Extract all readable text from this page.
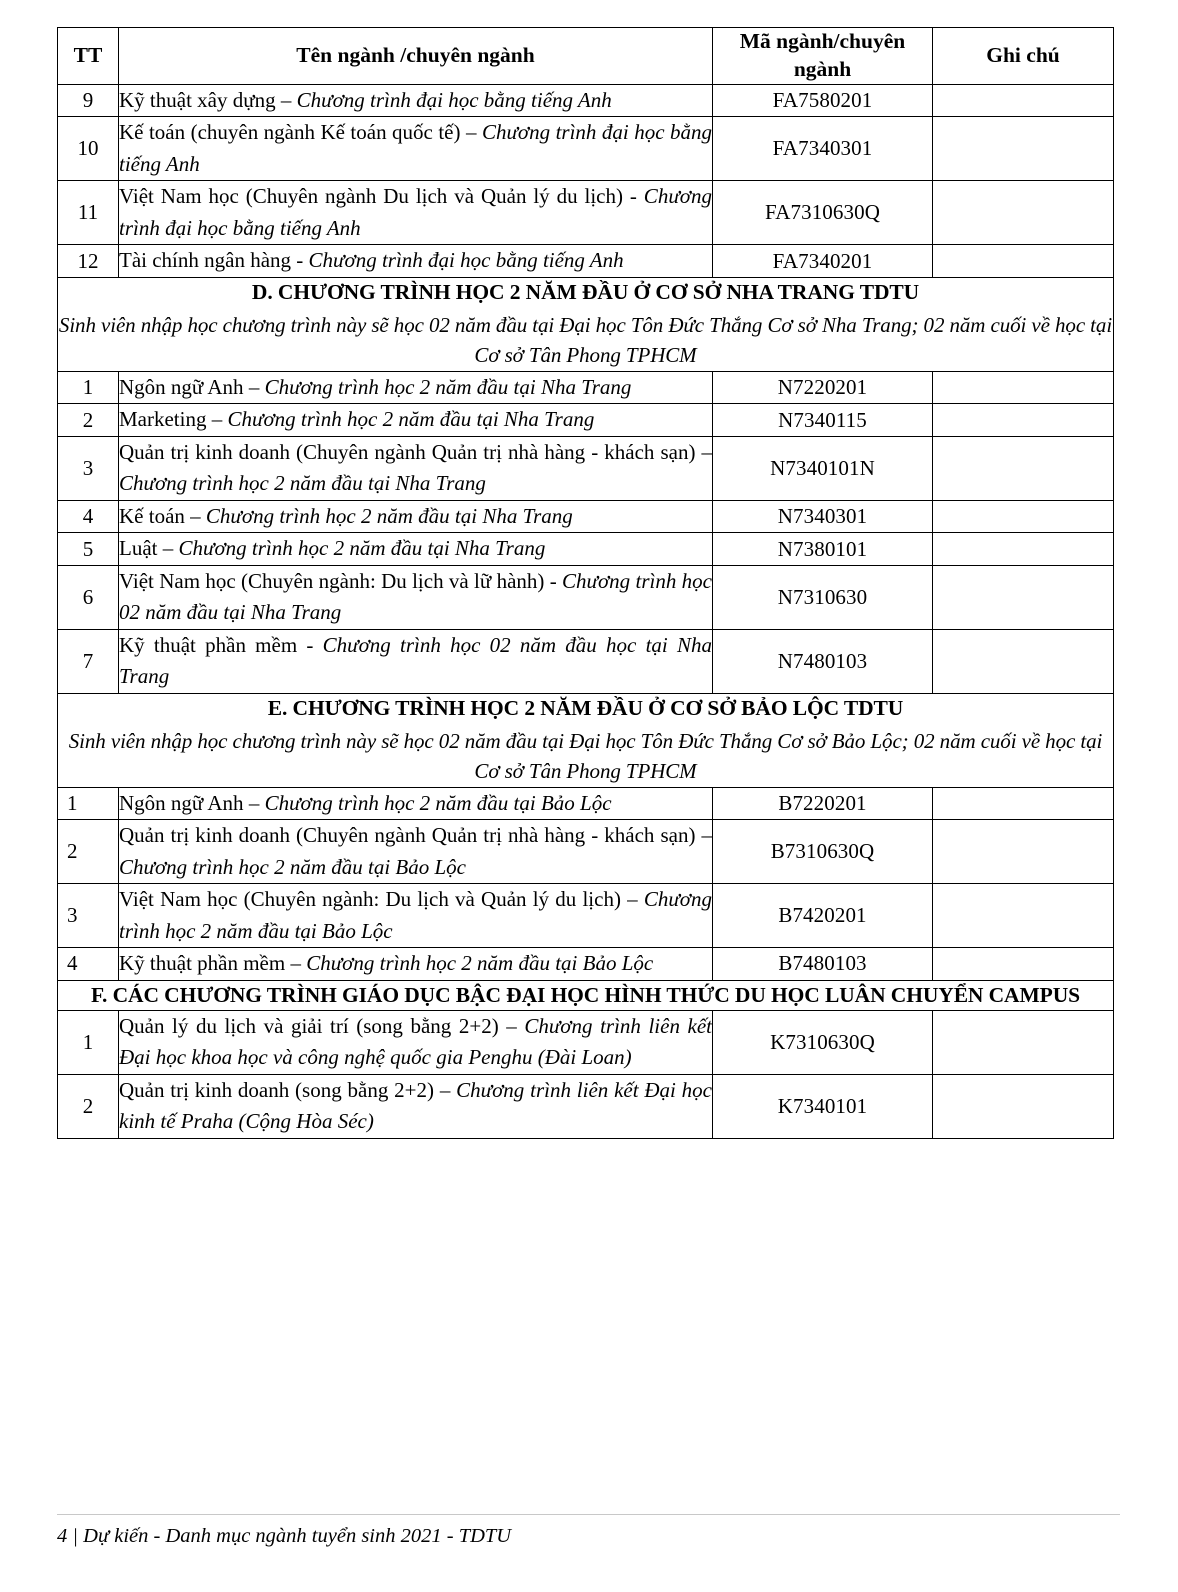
TT	Tên ngành /chuyên ngành	Mã ngành/chuyên ngành	Ghi chú
9	Kỹ thuật xây dựng – Chương trình đại học bằng tiếng Anh	FA7580201	
10	Kế toán (chuyên ngành Kế toán quốc tế) – Chương trình đại học bằng tiếng Anh	FA7340301	
11	Việt Nam học (Chuyên ngành Du lịch và Quản lý du lịch) - Chương trình đại học bằng tiếng Anh	FA7310630Q	
12	Tài chính ngân hàng - Chương trình đại học bằng tiếng Anh	FA7340201	

D. CHƯƠNG TRÌNH HỌC 2 NĂM ĐẦU Ở CƠ SỞ NHA TRANG TDTU
Sinh viên nhập học chương trình này sẽ học 02 năm đầu tại Đại học Tôn Đức Thắng Cơ sở Nha Trang; 02 năm cuối về học tại Cơ sở Tân Phong TPHCM			

1	Ngôn ngữ Anh – Chương trình học 2 năm đầu tại Nha Trang	N7220201	
2	Marketing – Chương trình học 2 năm đầu tại Nha Trang	N7340115	
3	Quản trị kinh doanh (Chuyên ngành Quản trị nhà hàng - khách sạn) – Chương trình học 2 năm đầu tại Nha Trang	N7340101N	
4	Kế toán – Chương trình học 2 năm đầu tại Nha Trang	N7340301	
5	Luật – Chương trình học 2 năm đầu tại Nha Trang	N7380101	
6	Việt Nam học (Chuyên ngành: Du lịch và lữ hành) - Chương trình học 02 năm đầu tại Nha Trang	N7310630	
7	Kỹ thuật phần mềm - Chương trình học 02 năm đầu học tại Nha Trang	N7480103	

E. CHƯƠNG TRÌNH HỌC 2 NĂM ĐẦU Ở CƠ SỞ BẢO LỘC TDTU
Sinh viên nhập học chương trình này sẽ học 02 năm đầu tại Đại học Tôn Đức Thắng Cơ sở Bảo Lộc; 02 năm cuối về học tại Cơ sở Tân Phong TPHCM			

1	Ngôn ngữ Anh – Chương trình học 2 năm đầu tại Bảo Lộc	B7220201	
2	Quản trị kinh doanh (Chuyên ngành Quản trị nhà hàng - khách sạn) – Chương trình học 2 năm đầu tại Bảo Lộc	B7310630Q	
3	Việt Nam học (Chuyên ngành: Du lịch và Quản lý du lịch) – Chương trình học 2 năm đầu tại Bảo Lộc	B7420201	
4	Kỹ thuật phần mềm – Chương trình học 2 năm đầu tại Bảo Lộc	B7480103	

F. CÁC CHƯƠNG TRÌNH GIÁO DỤC BẬC ĐẠI HỌC HÌNH THỨC DU HỌC LUÂN CHUYỂN CAMPUS			

1	Quản lý du lịch và giải trí (song bằng 2+2) – Chương trình liên kết Đại học khoa học và công nghệ quốc gia Penghu (Đài Loan)	K7310630Q	
2	Quản trị kinh doanh (song bằng 2+2) – Chương trình liên kết Đại học kinh tế Praha (Cộng Hòa Séc)	K7340101	
4 | Dự kiến - Danh mục ngành tuyển sinh 2021 - TDTU
